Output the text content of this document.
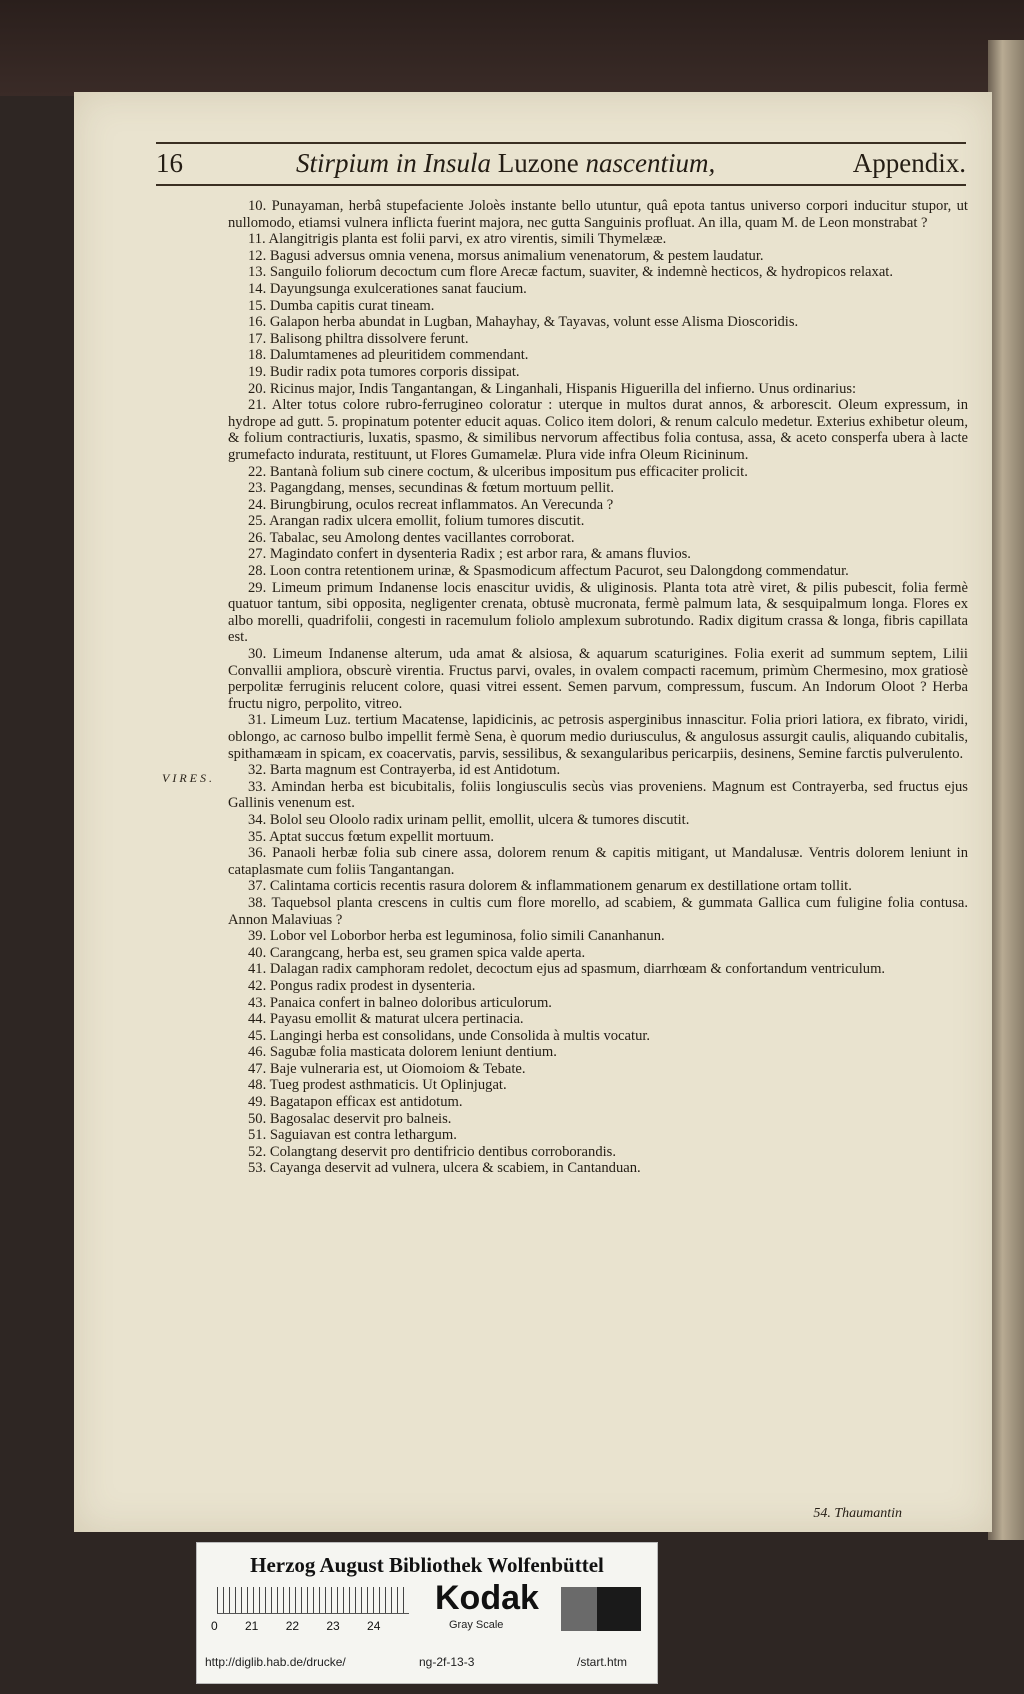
16	Stirpium in Insula Luzone nascentium,	Appendix.
VIRES.

10. Punayaman, herbâ stupefaciente Joloès instante bello utuntur, quâ epota tantus universo corpori inducitur stupor, ut nullomodo, etiamsi vulnera inflicta fuerint majora, nec gutta Sanguinis profluat. An illa, quam M. de Leon monstrabat ?

11. Alangitrigis planta est folii parvi, ex atro virentis, simili Thymelææ.

12. Bagusi adversus omnia venena, morsus animalium venenatorum, & pestem laudatur.

13. Sanguilo foliorum decoctum cum flore Arecæ factum, suaviter, & indemnè hecticos, & hydropicos relaxat.

14. Dayungsunga exulcerationes sanat faucium.

15. Dumba capitis curat tineam.

16. Galapon herba abundat in Lugban, Mahayhay, & Tayavas, volunt esse Alisma Dioscoridis.

17. Balisong philtra dissolvere ferunt.

18. Dalumtamenes ad pleuritidem commendant.

19. Budir radix pota tumores corporis dissipat.

20. Ricinus major, Indis Tangantangan, & Linganhali, Hispanis Higuerilla del infierno. Unus ordinarius:

21. Alter totus colore rubro-ferrugineo coloratur : uterque in multos durat annos, & arborescit. Oleum expressum, in hydrope ad gutt. 5. propinatum potenter educit aquas. Colico item dolori, & renum calculo medetur. Exterius exhibetur oleum, & folium contractiuris, luxatis, spasmo, & similibus nervorum affectibus folia contusa, assa, & aceto consperfa ubera à lacte grumefacto indurata, restituunt, ut Flores Gumamelæ. Plura vide infra Oleum Ricininum.

22. Bantanà folium sub cinere coctum, & ulceribus impositum pus efficaciter prolicit.

23. Pagangdang, menses, secundinas & fœtum mortuum pellit.

24. Birungbirung, oculos recreat inflammatos. An Verecunda ?

25. Arangan radix ulcera emollit, folium tumores discutit.

26. Tabalac, seu Amolong dentes vacillantes corroborat.

27. Magindato confert in dysenteria Radix ; est arbor rara, & amans fluvios.

28. Loon contra retentionem urinæ, & Spasmodicum affectum Pacurot, seu Dalongdong commendatur.

29. Limeum primum Indanense locis enascitur uvidis, & uliginosis. Planta tota atrè viret, & pilis pubescit, folia fermè quatuor tantum, sibi opposita, negligenter crenata, obtusè mucronata, fermè palmum lata, & sesquipalmum longa. Flores ex albo morelli, quadrifolii, congesti in racemulum foliolo amplexum subrotundo. Radix digitum crassa & longa, fibris capillata est.

30. Limeum Indanense alterum, uda amat & alsiosa, & aquarum scaturigines. Folia exerit ad summum septem, Lilii Convallii ampliora, obscurè virentia. Fructus parvi, ovales, in ovalem compacti racemum, primùm Chermesino, mox gratiosè perpolitæ ferruginis relucent colore, quasi vitrei essent. Semen parvum, compressum, fuscum. An Indorum Oloot ? Herba fructu nigro, perpolito, vitreo.

31. Limeum Luz. tertium Macatense, lapidicinis, ac petrosis asperginibus innascitur. Folia priori latiora, ex fibrato, viridi, oblongo, ac carnoso bulbo impellit fermè Sena, è quorum medio duriusculus, & angulosus assurgit caulis, aliquando cubitalis, spithamæam in spicam, ex coacervatis, parvis, sessilibus, & sexangularibus pericarpiis, desinens, Semine farctis pulverulento.

32. Barta magnum est Contrayerba, id est Antidotum.

33. Amindan herba est bicubitalis, foliis longiusculis secùs vias proveniens. Magnum est Contrayerba, sed fructus ejus Gallinis venenum est.

34. Bolol seu Oloolo radix urinam pellit, emollit, ulcera & tumores discutit.

35. Aptat succus fœtum expellit mortuum.

36. Panaoli herbæ folia sub cinere assa, dolorem renum & capitis mitigant, ut Mandalusæ. Ventris dolorem leniunt in cataplasmate cum foliis Tangantangan.

37. Calintama corticis recentis rasura dolorem & inflammationem genarum ex destillatione ortam tollit.

38. Taquebsol planta crescens in cultis cum flore morello, ad scabiem, & gummata Gallica cum fuligine folia contusa. Annon Malaviuas ?

39. Lobor vel Loborbor herba est leguminosa, folio simili Cananhanun.

40. Carangcang, herba est, seu gramen spica valde aperta.

41. Dalagan radix camphoram redolet, decoctum ejus ad spasmum, diarrhœam & confortandum ventriculum.

42. Pongus radix prodest in dysenteria.

43. Panaica confert in balneo doloribus articulorum.

44. Payasu emollit & maturat ulcera pertinacia.

45. Langingi herba est consolidans, unde Consolida à multis vocatur.

46. Sagubæ folia masticata dolorem leniunt dentium.

47. Baje vulneraria est, ut Oiomoiom & Tebate.

48. Tueg prodest asthmaticis. Ut Oplinjugat.

49. Bagatapon efficax est antidotum.

50. Bagosalac deservit pro balneis.

51. Saguiavan est contra lethargum.

52. Colangtang deservit pro dentifricio dentibus corroborandis.

53. Cayanga deservit ad vulnera, ulcera & scabiem, in Cantanduan.

54. Thaumantin
Herzog August Bibliothek Wolfenbüttel
0 21 22 23 24
Kodak
Gray Scale
http://diglib.hab.de/drucke/	ng-2f-13-3	/start.htm
